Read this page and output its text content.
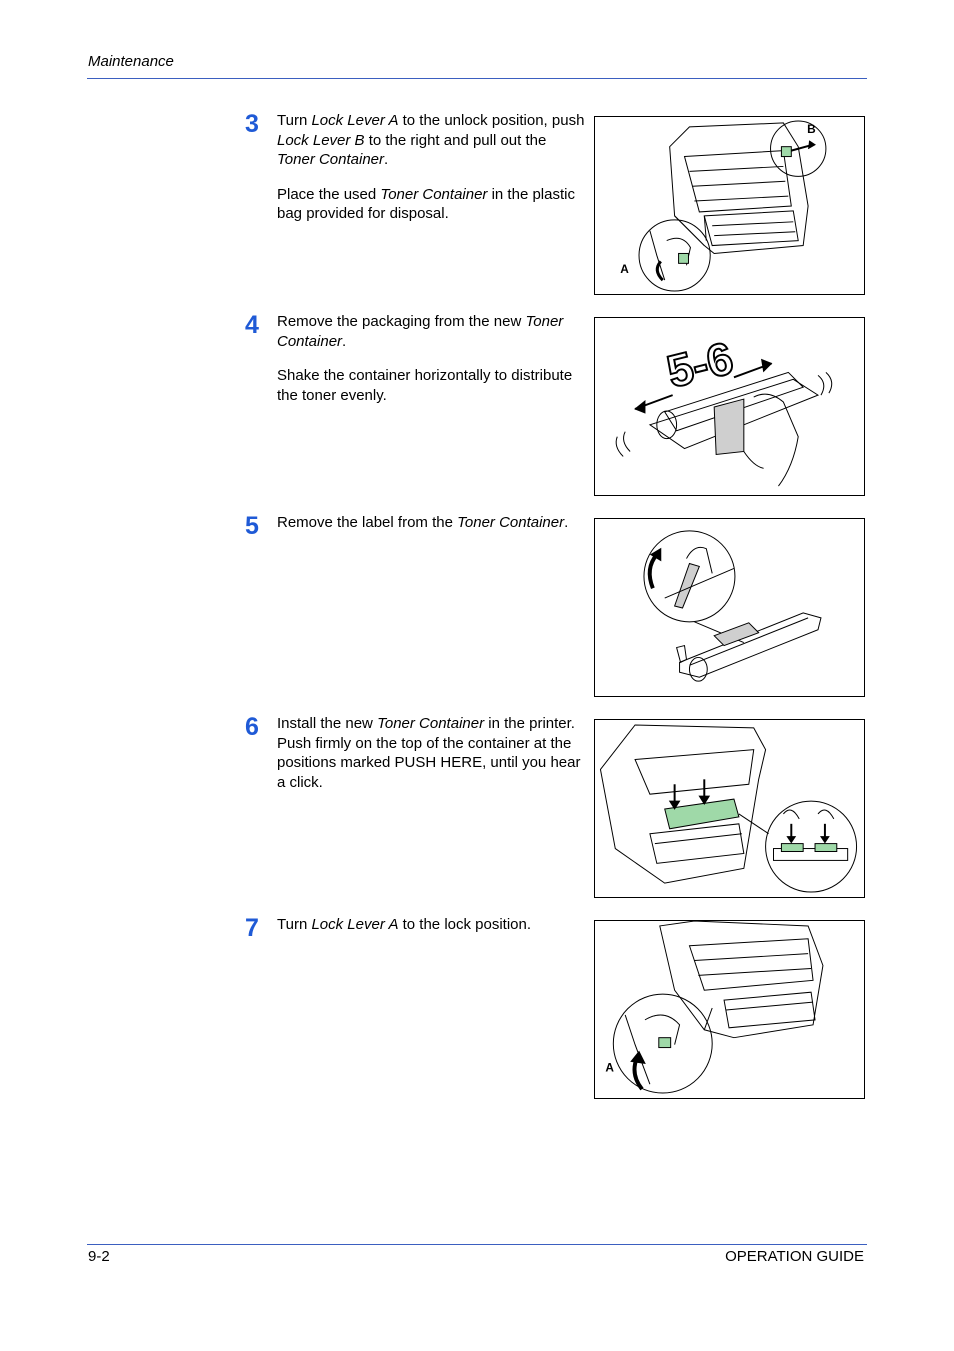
Maintenance
3 Turn Lock Lever A to the unlock position, push Lock Lever B to the right and pull out the Toner Container.

Place the used Toner Container in the plastic bag provided for disposal.

B
A
4 Remove the packaging from the new Toner Container.

Shake the container horizontally to distribute the toner evenly.	5-6
5 Remove the label from the Toner Container.

6 Install the new Toner Container in the printer. Push firmly on the top of the container at the positions marked PUSH HERE, until you hear a click.

7 Turn Lock Lever A to the lock position.

A
9-2	OPERATION GUIDE
